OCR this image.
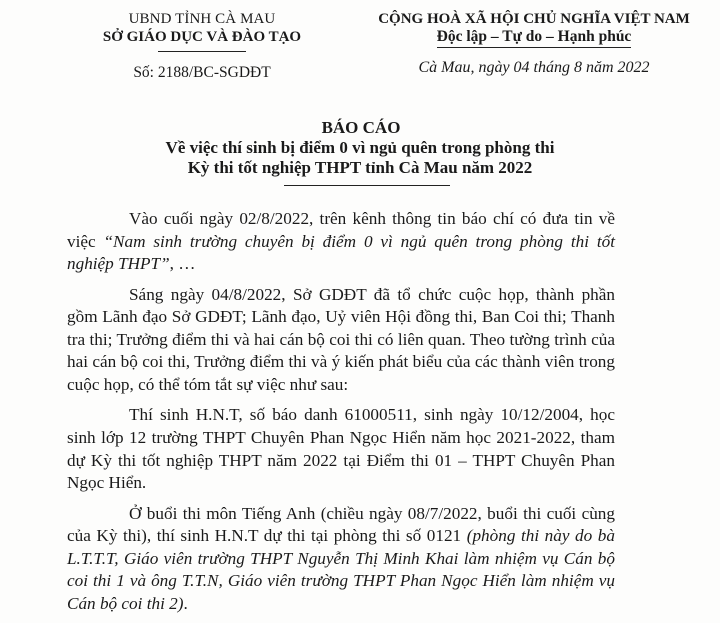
UBND TỈNH CÀ MAU
SỞ GIÁO DỤC VÀ ĐÀO TẠO
Số: 2188/BC-SGDĐT
CỘNG HOÀ XÃ HỘI CHỦ NGHĨA VIỆT NAM
Độc lập – Tự do – Hạnh phúc
Cà Mau, ngày 04 tháng 8 năm 2022
BÁO CÁO
Về việc thí sinh bị điểm 0 vì ngủ quên trong phòng thi
Kỳ thi tốt nghiệp THPT tỉnh Cà Mau năm 2022

Vào cuối ngày 02/8/2022, trên kênh thông tin báo chí có đưa tin về việc “Nam sinh trường chuyên bị điểm 0 vì ngủ quên trong phòng thi tốt nghiệp THPT”, …

Sáng ngày 04/8/2022, Sở GDĐT đã tổ chức cuộc họp, thành phần gồm Lãnh đạo Sở GDĐT; Lãnh đạo, Uỷ viên Hội đồng thi, Ban Coi thi; Thanh tra thi; Trưởng điểm thi và hai cán bộ coi thi có liên quan. Theo tường trình của hai cán bộ coi thi, Trưởng điểm thi và ý kiến phát biểu của các thành viên trong cuộc họp, có thể tóm tắt sự việc như sau:

Thí sinh H.N.T, số báo danh 61000511, sinh ngày 10/12/2004, học sinh lớp 12 trường THPT Chuyên Phan Ngọc Hiển năm học 2021-2022, tham dự Kỳ thi tốt nghiệp THPT năm 2022 tại Điểm thi 01 – THPT Chuyên Phan Ngọc Hiển.

Ở buổi thi môn Tiếng Anh (chiều ngày 08/7/2022, buổi thi cuối cùng của Kỳ thi), thí sinh H.N.T dự thi tại phòng thi số 0121 (phòng thi này do bà L.T.T.T, Giáo viên trường THPT Nguyễn Thị Minh Khai làm nhiệm vụ Cán bộ coi thi 1 và ông T.T.N, Giáo viên trường THPT Phan Ngọc Hiển làm nhiệm vụ Cán bộ coi thi 2).
